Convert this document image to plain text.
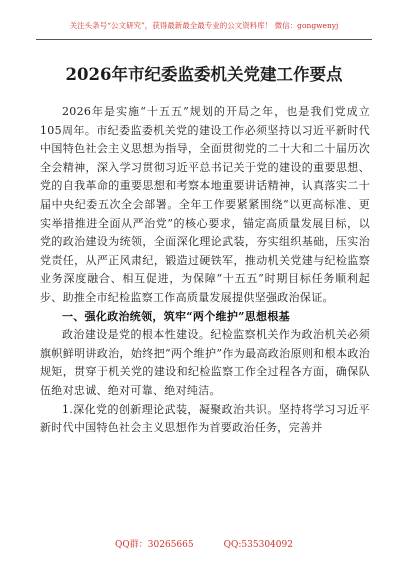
关注头条号“公文研究”，获得最新最全最专业的公文资料库！ 微信：gongwenyj
2026年市纪委监委机关党建工作要点

2026年是实施“十五五”规划的开局之年，也是我们党成立105周年。市纪委监委机关党的建设工作必须坚持以习近平新时代中国特色社会主义思想为指导，全面贯彻党的二十大和二十届历次全会精神，深入学习贯彻习近平总书记关于党的建设的重要思想、党的自我革命的重要思想和考察本地重要讲话精神，认真落实二十届中央纪委五次全会部署。全年工作要紧紧围绕“以更高标准、更实举措推进全面从严治党”的核心要求，锚定高质量发展目标，以党的政治建设为统领，全面深化理论武装，夯实组织基础，压实治党责任，从严正风肃纪，锻造过硬铁军，推动机关党建与纪检监察业务深度融合、相互促进，为保障“十五五”时期目标任务顺利起步、助推全市纪检监察工作高质量发展提供坚强政治保证。

一、强化政治统领，筑牢“两个维护”思想根基

政治建设是党的根本性建设。纪检监察机关作为政治机关必须旗帜鲜明讲政治，始终把“两个维护”作为最高政治原则和根本政治规矩，贯穿于机关党的建设和纪检监察工作全过程各方面，确保队伍绝对忠诚、绝对可靠、绝对纯洁。

1.深化党的创新理论武装，凝聚政治共识。坚持将学习习近平新时代中国特色社会主义思想作为首要政治任务，完善并

QQ群：30265665	QQ:535304092
